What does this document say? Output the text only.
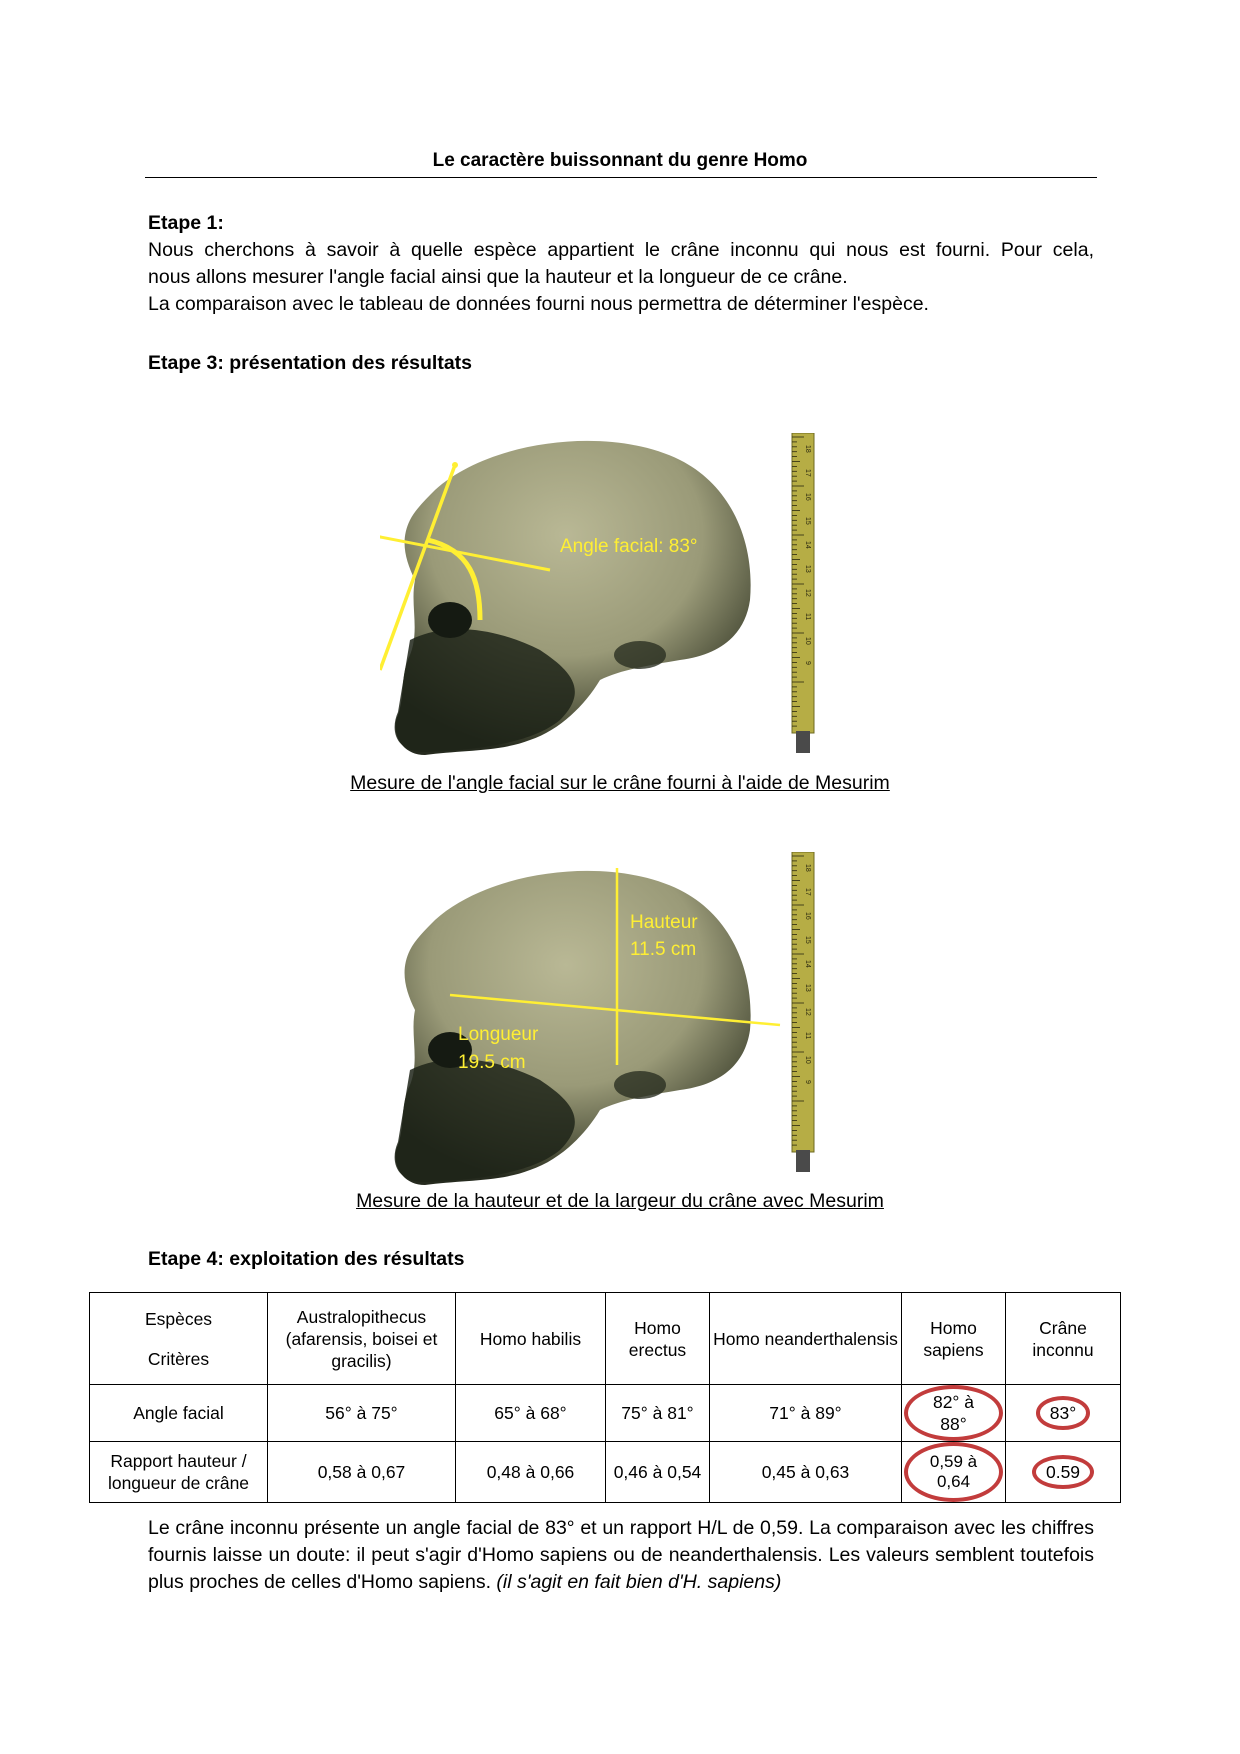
Le caractère buissonnant du genre Homo
Etape 1:
Nous cherchons à savoir à quelle espèce appartient le crâne inconnu qui nous est fourni. Pour cela,
nous allons mesurer l'angle facial ainsi que la hauteur et la longueur de ce crâne.
La comparaison avec le tableau de données fourni nous permettra de déterminer l'espèce.
Etape 3: présentation des résultats
Angle facial: 83°
18
17
16
15
14
13
12
11
10
9
Mesure de l'angle facial sur le crâne fourni à l'aide de Mesurim
Hauteur
11.5 cm
Longueur
19.5 cm
18
17
16
15
14
13
12
11
10
9
Mesure de la hauteur et de la largeur du crâne avec Mesurim
Etape 4: exploitation des résultats
Espèces
Critères	Australopithecus (afarensis, boisei et gracilis)	Homo habilis	Homo erectus	Homo neanderthalensis	Homo sapiens	Crâne inconnu
Angle facial	56° à 75°	65° à 68°	75° à 81°	71° à 89°	82° à 88°	83°
Rapport hauteur / longueur de crâne	0,58 à 0,67	0,48 à 0,66	0,46 à 0,54	0,45 à 0,63	0,59 à 0,64	0.59
Le crâne inconnu présente un angle facial de 83° et un rapport H/L de 0,59. La comparaison avec les chiffres fournis laisse un doute: il peut s'agir d'Homo sapiens ou de neanderthalensis. Les valeurs semblent toutefois plus proches de celles d'Homo sapiens. (il s'agit en fait bien d'H. sapiens)
